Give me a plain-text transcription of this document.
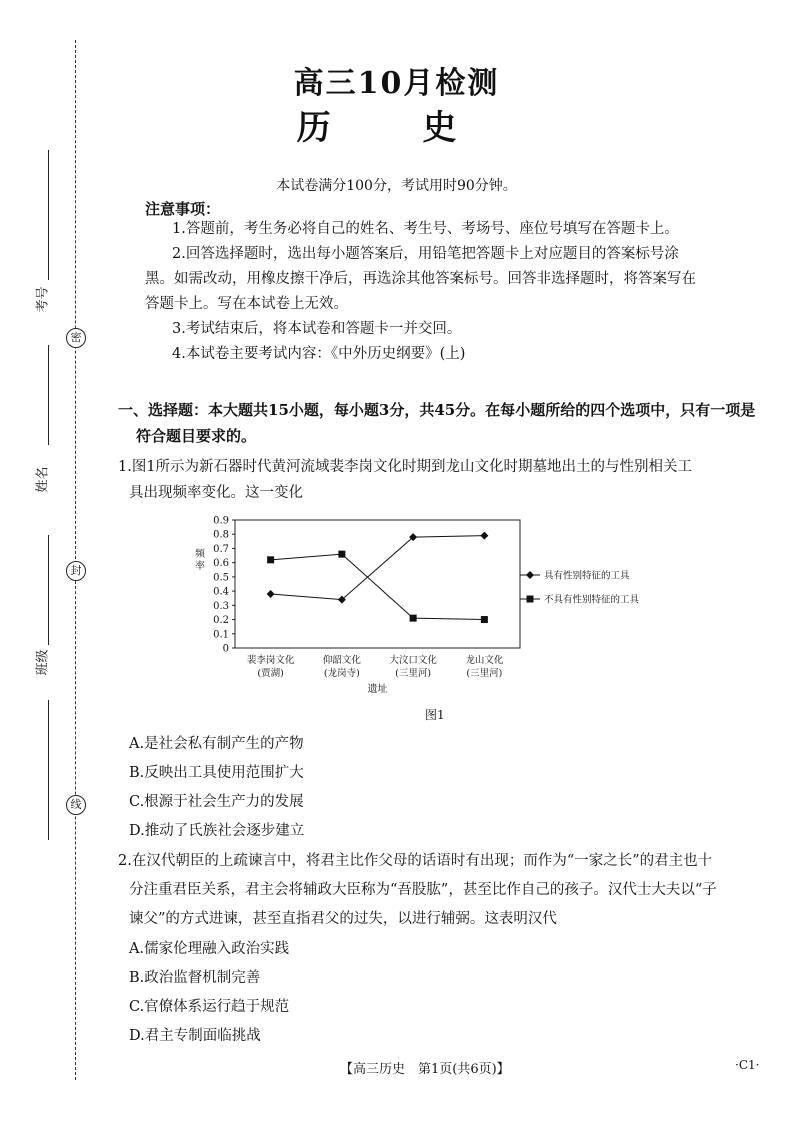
密
封
线
考号
姓名
班级
高三10月检测
历 史
本试卷满分100分，考试用时90分钟。
注意事项：
1.答题前，考生务必将自己的姓名、考生号、考场号、座位号填写在答题卡上。
2.回答选择题时，选出每小题答案后，用铅笔把答题卡上对应题目的答案标号涂
黑。如需改动，用橡皮擦干净后，再选涂其他答案标号。回答非选择题时，将答案写在
答题卡上。写在本试卷上无效。
3.考试结束后，将本试卷和答题卡一并交回。
4.本试卷主要考试内容：《中外历史纲要》(上)
一、选择题：本大题共15小题，每小题3分，共45分。在每小题所给的四个选项中，只有一项是
符合题目要求的。
1.图1所示为新石器时代黄河流域裴李岗文化时期到龙山文化时期墓地出土的与性别相关工
具出现频率变化。这一变化
0
0.1
0.2
0.3
0.4
0.5
0.6
0.7
0.8
0.9
频
率
裴李岗文化
(贾湖)
仰韶文化
(龙岗寺)
大汶口文化
(三里河)
龙山文化
(三里河)
遗址
具有性别特征的工具
不具有性别特征的工具
图1
A.是社会私有制产生的产物
B.反映出工具使用范围扩大
C.根源于社会生产力的发展
D.推动了氏族社会逐步建立
2.在汉代朝臣的上疏谏言中，将君主比作父母的话语时有出现；而作为“一家之长”的君主也十
分注重君臣关系，君主会将辅政大臣称为“吾股肱”，甚至比作自己的孩子。汉代士大夫以“子
谏父”的方式进谏，甚至直指君父的过失，以进行辅弼。这表明汉代
A.儒家伦理融入政治实践
B.政治监督机制完善
C.官僚体系运行趋于规范
D.君主专制面临挑战
【高三历史　第1页(共6页)】	·C1·
